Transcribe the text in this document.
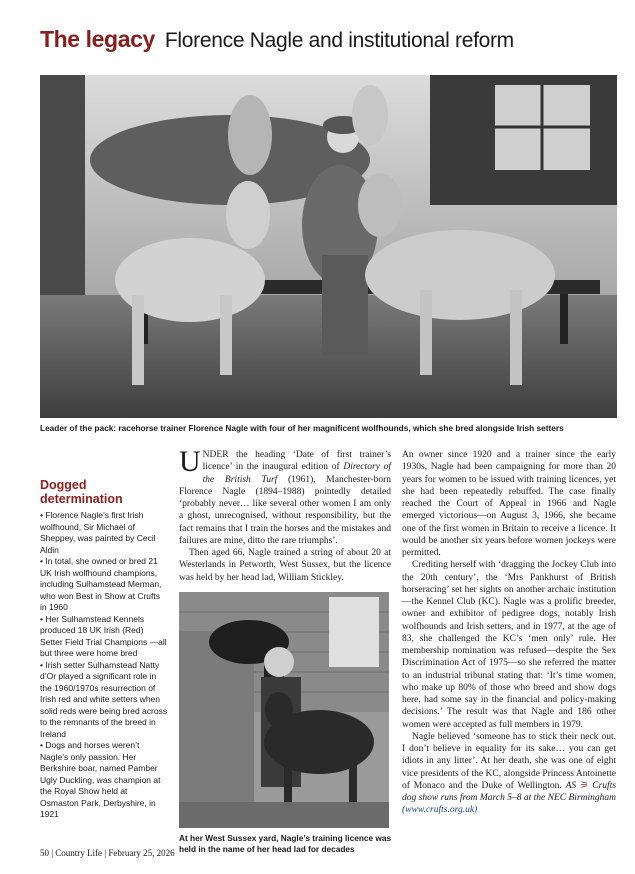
The legacy Florence Nagle and institutional reform
Leader of the pack: racehorse trainer Florence Nagle with four of her magnificent wolfhounds, which she bred alongside Irish setters
Dogged determination

• Florence Nagle’s first Irish wolfhound, Sir Michael of Sheppey, was painted by Cecil Aldin

• In total, she owned or bred 21 UK Irish wolfhound champions, including Sulhamstead Merman, who won Best in Show at Crufts in 1960

• Her Sulhamstead Kennels produced 18 UK Irish (Red) Setter Field Trial Champions —all but three were home bred

• Irish setter Sulhamstead Natty d’Or played a significant role in the 1960/1970s resurrection of Irish red and white setters when solid reds were being bred across to the remnants of the breed in Ireland

• Dogs and horses weren’t Nagle’s only passion. Her Berkshire boar, named Pamber Ugly Duckling, was champion at the Royal Show held at Osmaston Park, Derbyshire, in 1921

UNDER the heading ‘Date of first trainer’s licence’ in the inaugural edition of Directory of the British Turf (1961), Manchester-born Florence Nagle (1894–1988) pointedly detailed ‘probably never… like several other women I am only a ghost, unrecognised, without responsibility, but the fact remains that I train the horses and the mistakes and failures are mine, ditto the rare triumphs’.

Then aged 66, Nagle trained a string of about 20 at Westerlands in Petworth, West Sussex, but the licence was held by her head lad, William Stickley.

At her West Sussex yard, Nagle’s training licence was held in the name of her head lad for decades

An owner since 1920 and a trainer since the early 1930s, Nagle had been campaigning for more than 20 years for women to be issued with training licences, yet she had been repeatedly rebuffed. The case finally reached the Court of Appeal in 1966 and Nagle emerged victorious—on August 3, 1966, she became one of the first women in Britain to receive a licence. It would be another six years before women jockeys were permitted.

Crediting herself with ‘dragging the Jockey Club into the 20th century’, the ‘Mrs Pankhurst of British horseracing’ set her sights on another archaic institution—the Kennel Club (KC). Nagle was a prolific breeder, owner and exhibitor of pedigree dogs, notably Irish wolfhounds and Irish setters, and in 1977, at the age of 83, she challenged the KC’s ‘men only’ rule. Her membership nomination was refused—despite the Sex Discrimination Act of 1975—so she referred the matter to an industrial tribunal stating that: ‘It’s time women, who make up 80% of those who breed and show dogs here, had some say in the financial and policy-making decisions.’ The result was that Nagle and 186 other women were accepted as full members in 1979.

Nagle believed ‘someone has to stick their neck out. I don’t believe in equality for its sake… you can get idiots in any litter’. At her death, she was one of eight vice presidents of the KC, alongside Princess Antoinette of Monaco and the Duke of Wellington. AS ⚞ Crufts dog show runs from March 5–8 at the NEC Birmingham (www.crufts.org.uk)

50 | Country Life | February 25, 2026
